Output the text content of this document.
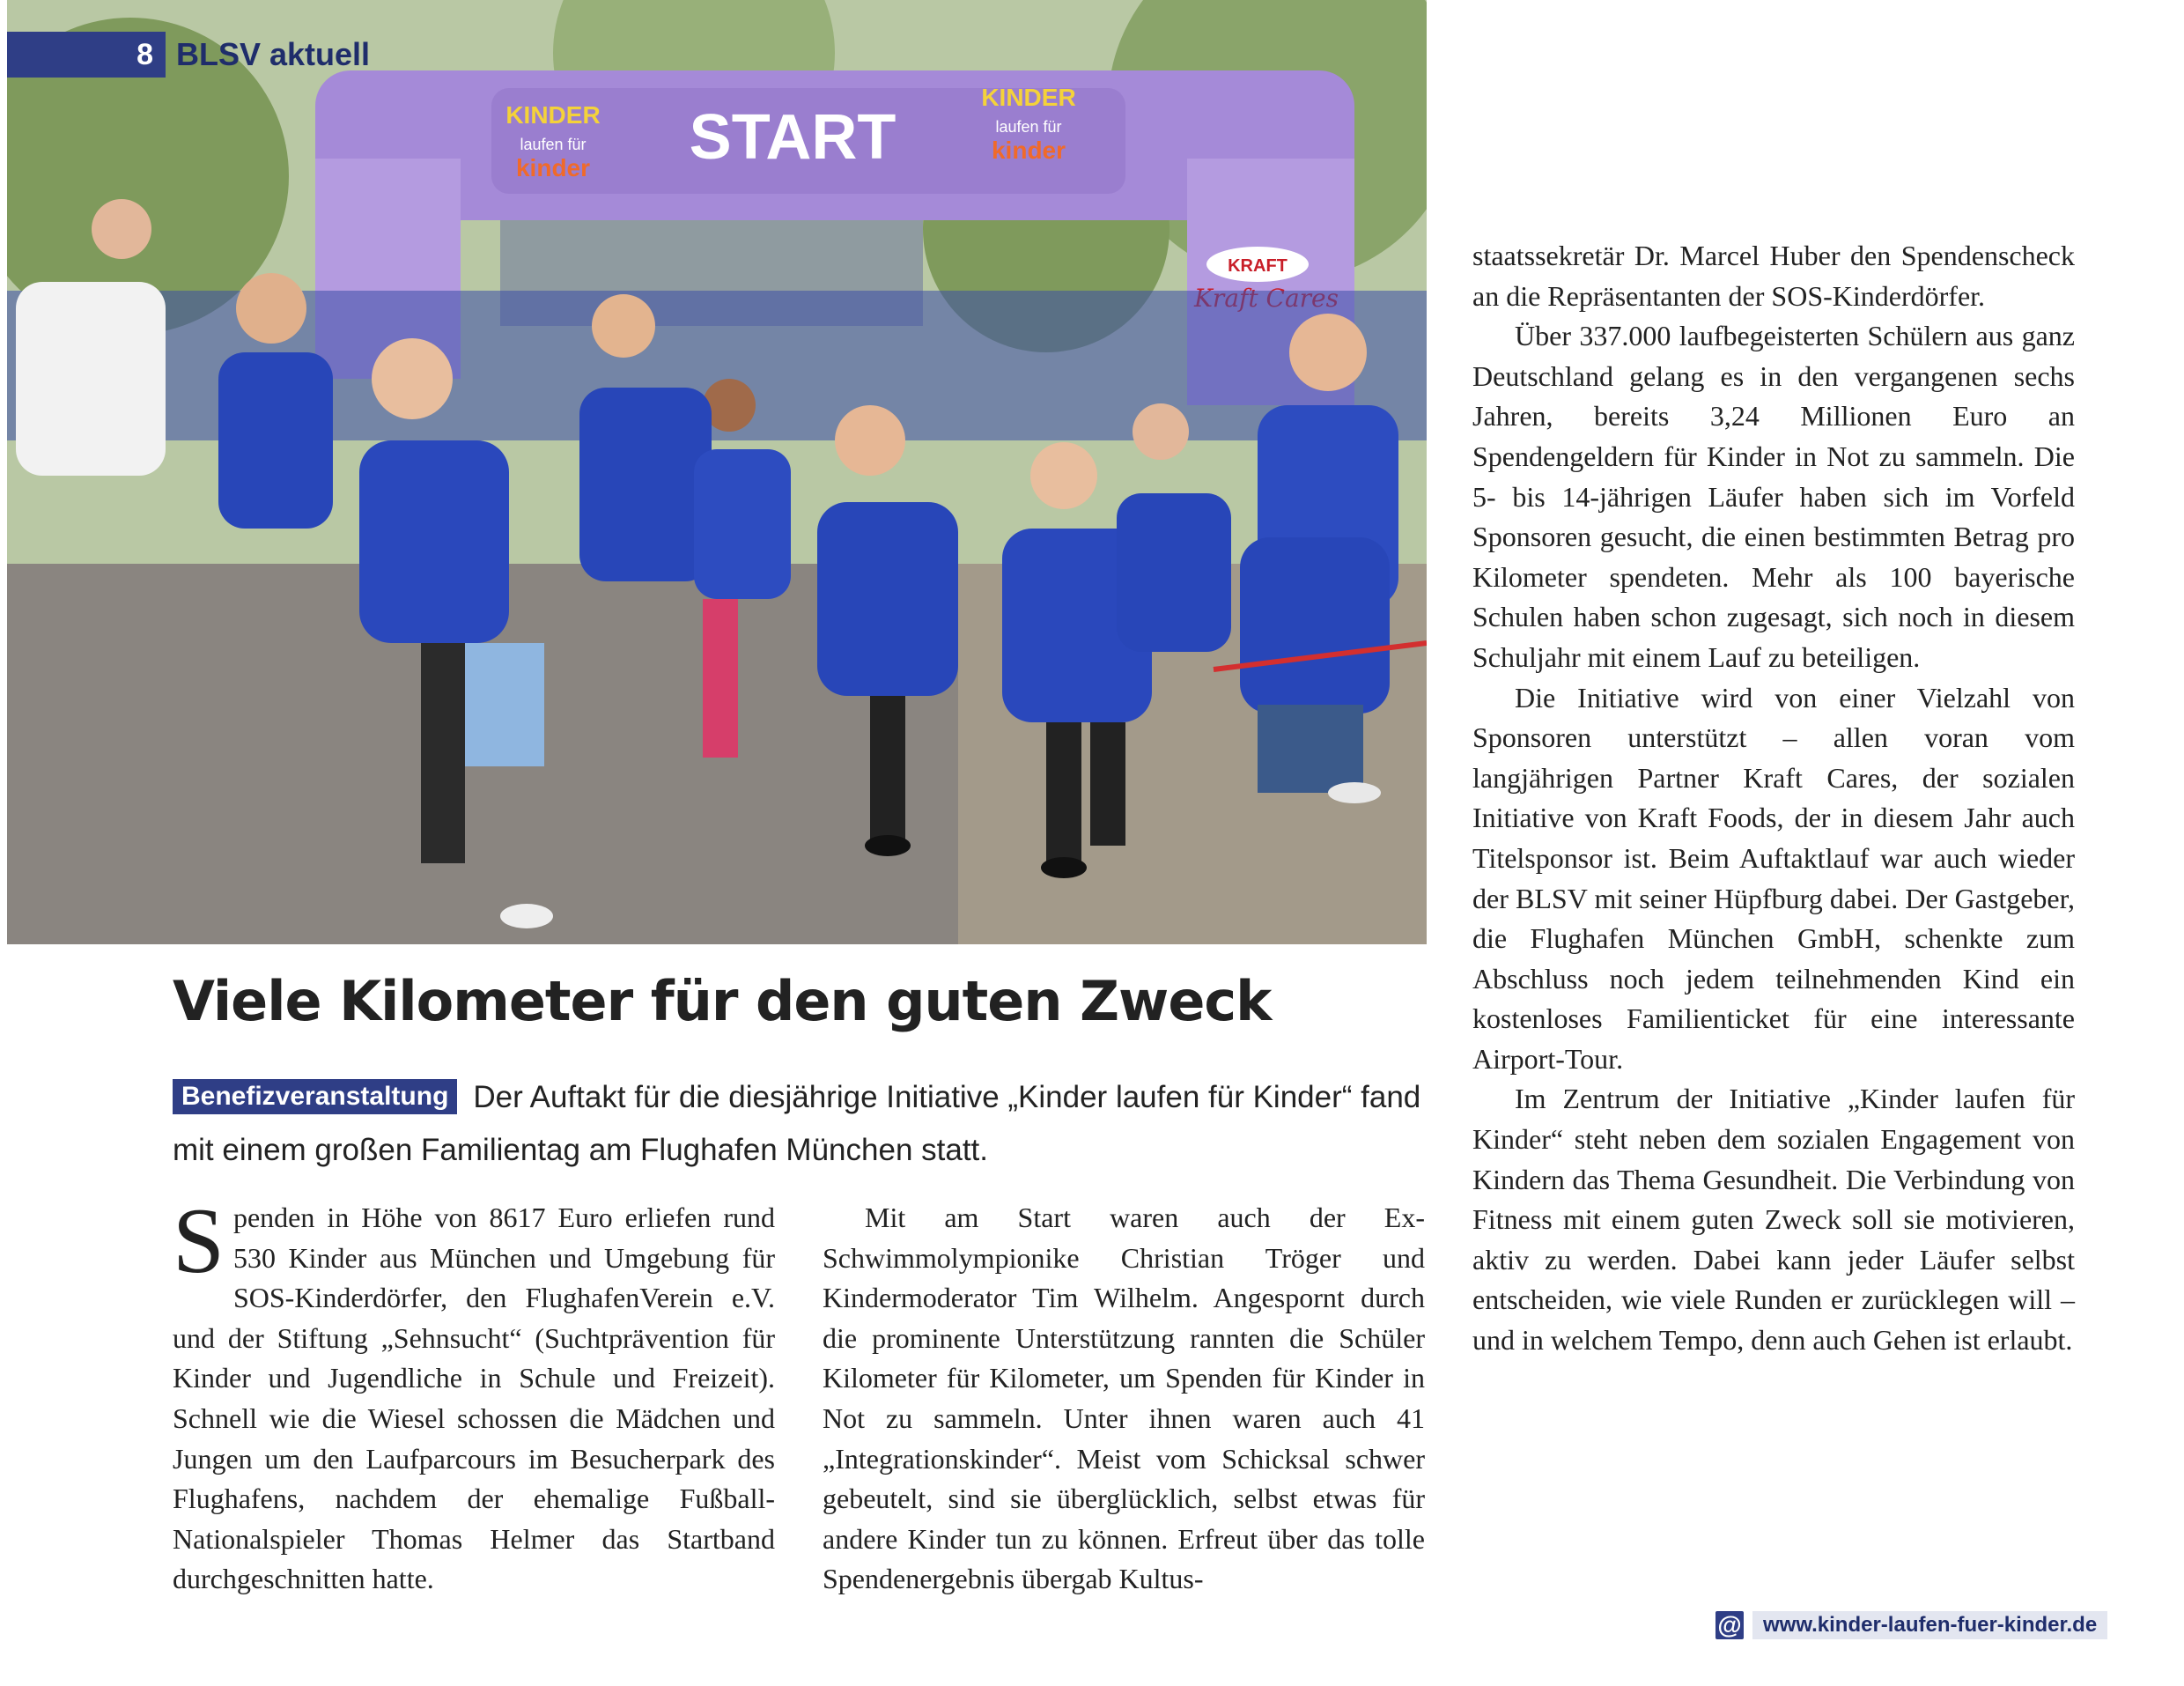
START
KINDER
laufen für
kinder
KINDER
laufen für
kinder
KRAFT
8 BLSV aktuell
Viele Kilometer für den guten Zweck

Benefizveranstaltung Der Auftakt für die diesjährige Initiative „Kinder laufen für Kinder“ fand mit einem großen Familientag am Flughafen München statt.

Spenden in Höhe von 8617 Euro erliefen rund 530 Kinder aus München und Umgebung für SOS-Kinderdörfer, den FlughafenVerein e.V. und der Stiftung „Sehnsucht“ (Suchtprävention für Kinder und Jugendliche in Schule und Freizeit). Schnell wie die Wiesel schossen die Mädchen und Jungen um den Laufparcours im Besucherpark des Flughafens, nachdem der ehemalige Fußball-Nationalspieler Thomas Helmer das Startband durchgeschnitten hatte.

Mit am Start waren auch der Ex-Schwimmolympionike Christian Tröger und Kindermoderator Tim Wilhelm. Angespornt durch die prominente Unterstützung rannten die Schüler Kilometer für Kilometer, um Spenden für Kinder in Not zu sammeln. Unter ihnen waren auch 41 „Integrationskinder“. Meist vom Schicksal schwer gebeutelt, sind sie überglücklich, selbst etwas für andere Kinder tun zu können. Erfreut über das tolle Spendenergebnis übergab Kultus-

staatssekretär Dr. Marcel Huber den Spendenscheck an die Repräsentanten der SOS-Kinderdörfer.

Über 337.000 laufbegeisterten Schülern aus ganz Deutschland gelang es in den vergangenen sechs Jahren, bereits 3,24 Millionen Euro an Spendengeldern für Kinder in Not zu sammeln. Die 5- bis 14-jährigen Läufer haben sich im Vorfeld Sponsoren gesucht, die einen bestimmten Betrag pro Kilometer spendeten. Mehr als 100 bayerische Schulen haben schon zugesagt, sich noch in diesem Schuljahr mit einem Lauf zu beteiligen.

Die Initiative wird von einer Vielzahl von Sponsoren unterstützt – allen voran vom langjährigen Partner Kraft Cares, der sozialen Initiative von Kraft Foods, der in diesem Jahr auch Titelsponsor ist. Beim Auftaktlauf war auch wieder der BLSV mit seiner Hüpfburg dabei. Der Gastgeber, die Flughafen München GmbH, schenkte zum Abschluss noch jedem teilnehmenden Kind ein kostenloses Familienticket für eine interessante Airport-Tour.

Im Zentrum der Initiative „Kinder laufen für Kinder“ steht neben dem sozialen Engagement von Kindern das Thema Gesundheit. Die Verbindung von Fitness mit einem guten Zweck soll sie motivieren, aktiv zu werden. Dabei kann jeder Läufer selbst entscheiden, wie viele Runden er zurücklegen will – und in welchem Tempo, denn auch Gehen ist erlaubt.

@	www.kinder-laufen-fuer-kinder.de
